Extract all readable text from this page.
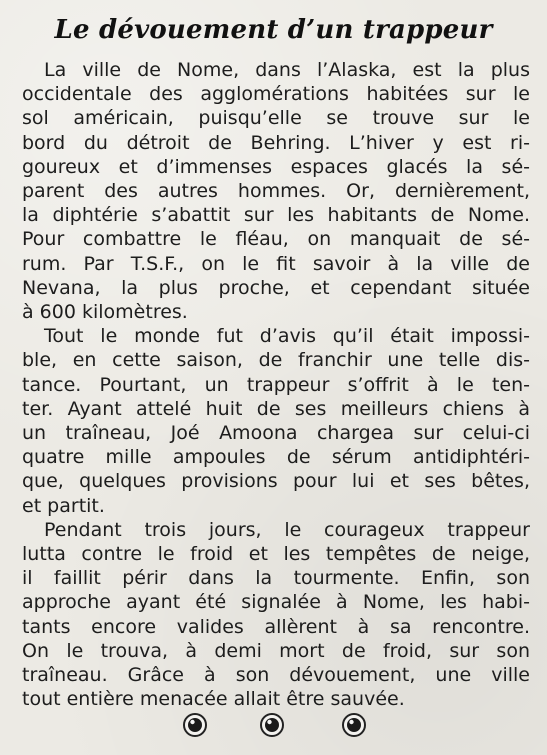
Le dévouement d’un trappeur

La ville de Nome, dans l’Alaska, est la plus
occidentale des agglomérations habitées sur le
sol américain, puisqu’elle se trouve sur le
bord du détroit de Behring. L’hiver y est ri-
goureux et d’immenses espaces glacés la sé-
parent des autres hommes. Or, dernièrement,
la diphtérie s’abattit sur les habitants de Nome.
Pour combattre le fléau, on manquait de sé-
rum. Par T.S.F., on le fit savoir à la ville de
Nevana, la plus proche, et cependant située
à 600 kilomètres.

Tout le monde fut d’avis qu’il était impossi-
ble, en cette saison, de franchir une telle dis-
tance. Pourtant, un trappeur s’offrit à le ten-
ter. Ayant attelé huit de ses meilleurs chiens à
un traîneau, Joé Amoona chargea sur celui-ci
quatre mille ampoules de sérum antidiphtéri-
que, quelques provisions pour lui et ses bêtes,
et partit.

Pendant trois jours, le courageux trappeur
lutta contre le froid et les tempêtes de neige,
il faillit périr dans la tourmente. Enfin, son
approche ayant été signalée à Nome, les habi-
tants encore valides allèrent à sa rencontre.
On le trouva, à demi mort de froid, sur son
traîneau. Grâce à son dévouement, une ville
tout entière menacée allait être sauvée.
